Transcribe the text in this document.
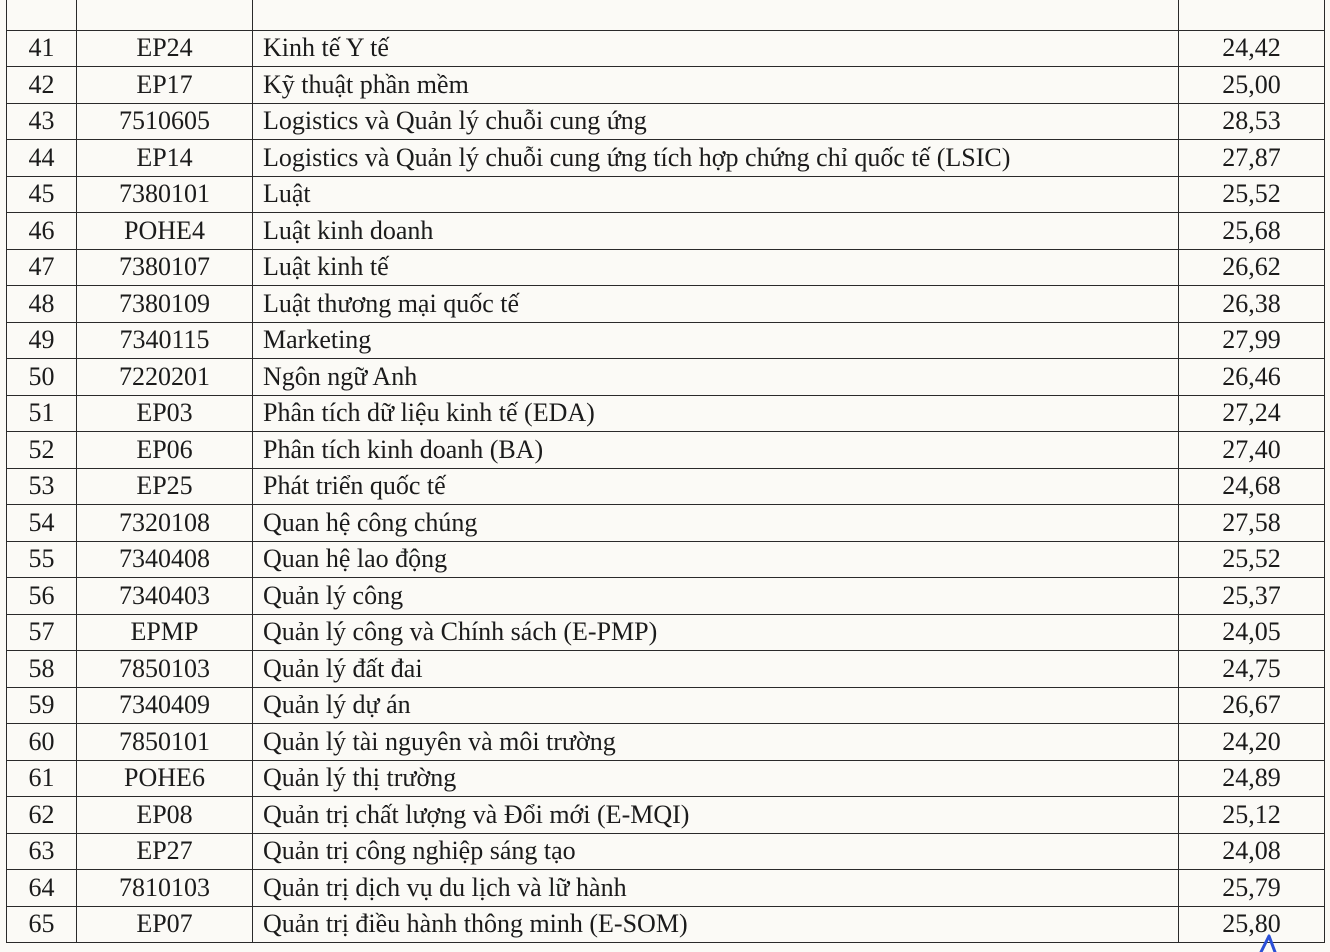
41	EP24	Kinh tế Y tế	24,42
42	EP17	Kỹ thuật phần mềm	25,00
43	7510605	Logistics và Quản lý chuỗi cung ứng	28,53
44	EP14	Logistics và Quản lý chuỗi cung ứng tích hợp chứng chỉ quốc tế (LSIC)	27,87
45	7380101	Luật	25,52
46	POHE4	Luật kinh doanh	25,68
47	7380107	Luật kinh tế	26,62
48	7380109	Luật thương mại quốc tế	26,38
49	7340115	Marketing	27,99
50	7220201	Ngôn ngữ Anh	26,46
51	EP03	Phân tích dữ liệu kinh tế (EDA)	27,24
52	EP06	Phân tích kinh doanh (BA)	27,40
53	EP25	Phát triển quốc tế	24,68
54	7320108	Quan hệ công chúng	27,58
55	7340408	Quan hệ lao động	25,52
56	7340403	Quản lý công	25,37
57	EPMP	Quản lý công và Chính sách (E-PMP)	24,05
58	7850103	Quản lý đất đai	24,75
59	7340409	Quản lý dự án	26,67
60	7850101	Quản lý tài nguyên và môi trường	24,20
61	POHE6	Quản lý thị trường	24,89
62	EP08	Quản trị chất lượng và Đổi mới (E-MQI)	25,12
63	EP27	Quản trị công nghiệp sáng tạo	24,08
64	7810103	Quản trị dịch vụ du lịch và lữ hành	25,79
65	EP07	Quản trị điều hành thông minh (E-SOM)	25,80
